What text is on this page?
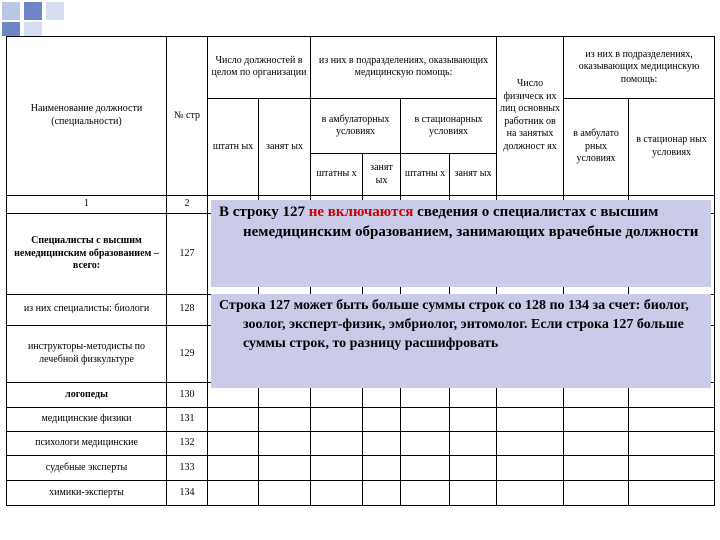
Наименование должности (специальности)	№ стр	Число должностей в целом по организации		из них в подразделениях, оказывающих медицинскую помощь:				Число физическ их лиц основных работник ов на занятых должност ях	из них в подразделениях, оказывающих медицинскую помощь:	
		штатн ых	занят ых	в амбулаторных условиях		в стационарных условиях			в амбулато рных условиях	в стационар ных условиях
				штатны х	занят ых	штатны х	занят ых			
1	2									
Специалисты с высшим немедицинским образованием – всего:	127									
из них специалисты: биологи	128									
инструкторы-методисты по лечебной физкультуре	129									
логопеды	130									
медицинские физики	131									
психологи медицинские	132									
судебные эксперты	133									
химики-эксперты	134									

В строку 127 не включаются сведения о специалистах с высшим немедицинским образованием, занимающих врачебные должности

Строка 127 может быть больше суммы строк со 128 по 134 за счет: биолог, зоолог, эксперт-физик, эмбриолог, энтомолог. Если строка 127 больше суммы строк, то разницу расшифровать
